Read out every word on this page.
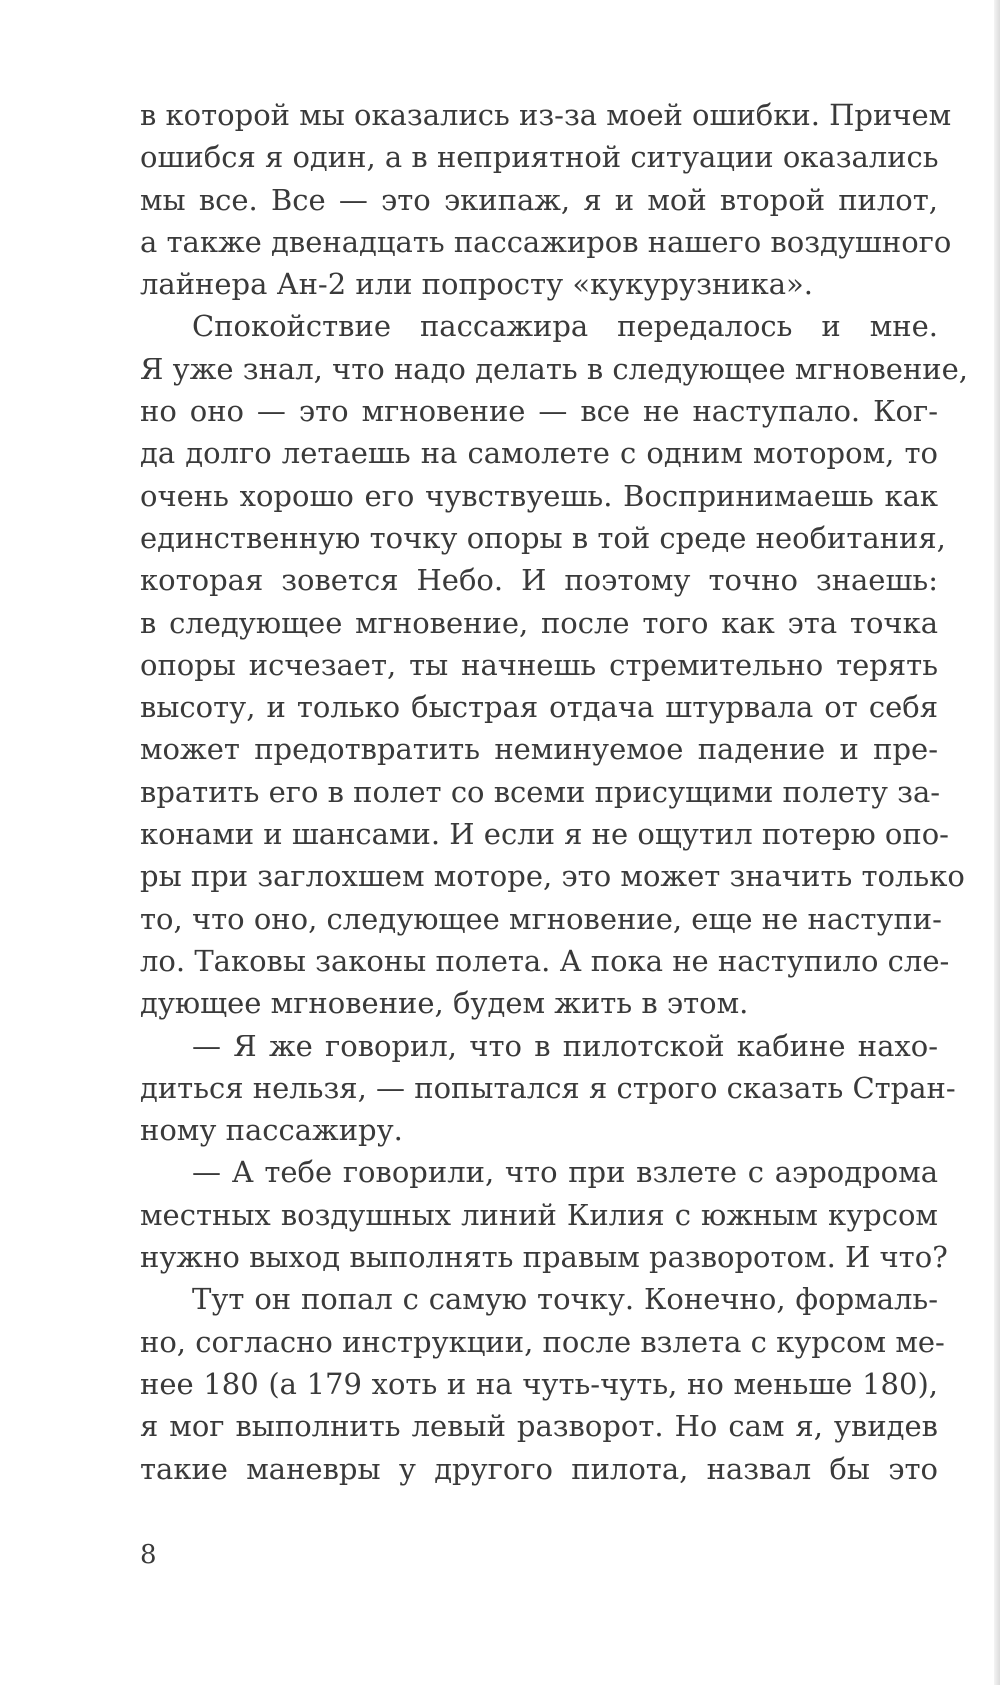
в которой мы оказались из-за моей ошибки. Причем
ошибся я один, а в неприятной ситуации оказались
мы все. Все — это экипаж, я и мой второй пилот,
а также двенадцать пассажиров нашего воздушного
лайнера Ан-2 или попросту «кукурузника».
Спокойствие пассажира передалось и мне.
Я уже знал, что надо делать в следующее мгновение,
но оно — это мгновение — все не наступало. Ког-
да долго летаешь на самолете с одним мотором, то
очень хорошо его чувствуешь. Воспринимаешь как
единственную точку опоры в той среде необитания,
которая зовется Небо. И поэтому точно знаешь:
в следующее мгновение, после того как эта точка
опоры исчезает, ты начнешь стремительно терять
высоту, и только быстрая отдача штурвала от себя
может предотвратить неминуемое падение и пре-
вратить его в полет со всеми присущими полету за-
конами и шансами. И если я не ощутил потерю опо-
ры при заглохшем моторе, это может значить только
то, что оно, следующее мгновение, еще не наступи-
ло. Таковы законы полета. А пока не наступило сле-
дующее мгновение, будем жить в этом.
— Я же говорил, что в пилотской кабине нахо-
диться нельзя, — попытался я строго сказать Стран-
ному пассажиру.
— А тебе говорили, что при взлете с аэродрома
местных воздушных линий Килия с южным курсом
нужно выход выполнять правым разворотом. И что?
Тут он попал с самую точку. Конечно, формаль-
но, согласно инструкции, после взлета с курсом ме-
нее 180 (а 179 хоть и на чуть-чуть, но меньше 180),
я мог выполнить левый разворот. Но сам я, увидев
такие маневры у другого пилота, назвал бы это
8
